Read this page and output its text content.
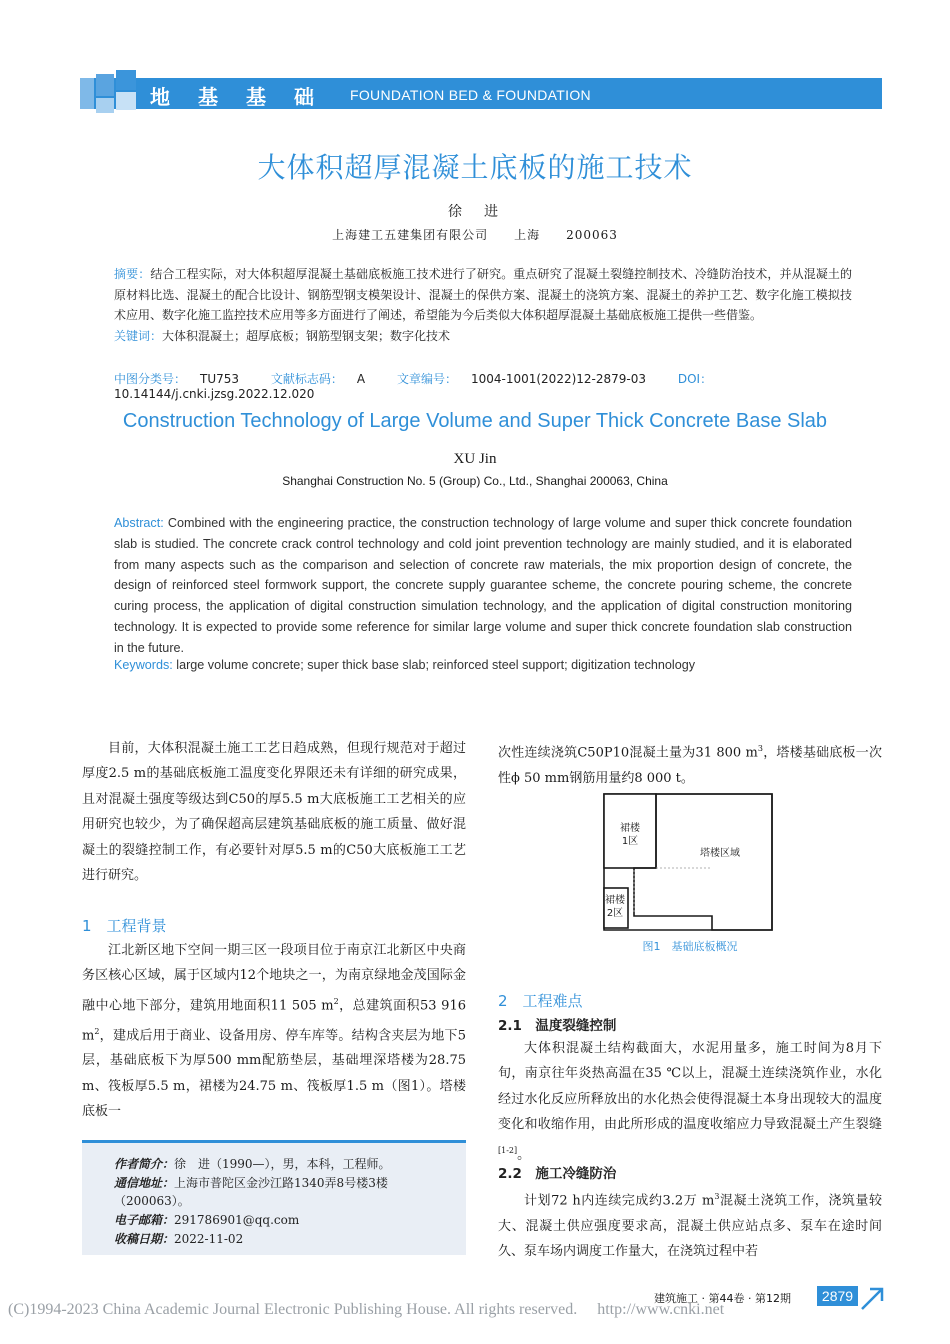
地基基础 FOUNDATION BED & FOUNDATION
大体积超厚混凝土底板的施工技术
徐　进
上海建工五建集团有限公司　　上海　　200063
摘要：结合工程实际，对大体积超厚混凝土基础底板施工技术进行了研究。重点研究了混凝土裂缝控制技术、冷缝防治技术，并从混凝土的原材料比选、混凝土的配合比设计、钢筋型钢支模架设计、混凝土的保供方案、混凝土的浇筑方案、混凝土的养护工艺、数字化施工模拟技术应用、数字化施工监控技术应用等多方面进行了阐述，希望能为今后类似大体积超厚混凝土基础底板施工提供一些借鉴。
关键词：大体积混凝土；超厚底板；钢筋型钢支架；数字化技术
中图分类号： TU753	文献标志码： A	文章编号： 1004-1001(2022)12-2879-03	DOI：10.14144/j.cnki.jzsg.2022.12.020
Construction Technology of Large Volume and Super Thick Concrete Base Slab
XU Jin
Shanghai Construction No. 5 (Group) Co., Ltd., Shanghai 200063, China
Abstract: Combined with the engineering practice, the construction technology of large volume and super thick concrete foundation slab is studied. The concrete crack control technology and cold joint prevention technology are mainly studied, and it is elaborated from many aspects such as the comparison and selection of concrete raw materials, the mix proportion design of concrete, the design of reinforced steel formwork support, the concrete supply guarantee scheme, the concrete pouring scheme, the concrete curing process, the application of digital construction simulation technology, and the application of digital construction monitoring technology. It is expected to provide some reference for similar large volume and super thick concrete foundation slab construction in the future.
Keywords: large volume concrete; super thick base slab; reinforced steel support; digitization technology

目前，大体积混凝土施工工艺日趋成熟，但现行规范对于超过厚度2.5 m的基础底板施工温度变化界限还未有详细的研究成果，且对混凝土强度等级达到C50的厚5.5 m大底板施工工艺相关的应用研究也较少，为了确保超高层建筑基础底板的施工质量、做好混凝土的裂缝控制工作，有必要针对厚5.5 m的C50大底板施工工艺进行研究。

1　工程背景

江北新区地下空间一期三区一段项目位于南京江北新区中央商务区核心区域，属于区域内12个地块之一，为南京绿地金茂国际金融中心地下部分，建筑用地面积11 505 $m^2$，总建筑面积53 916 $m^2$，建成后用于商业、设备用房、停车库等。结构含夹层为地下5层，基础底板下为厚500 mm配筋垫层，基础埋深塔楼为28.75 m、筏板厚5.5 m，裙楼为24.75 m、筏板厚1.5 m（图1）。塔楼底板一

作者简介：徐　进（1990—），男，本科，工程师。
通信地址：上海市普陀区金沙江路1340弄8号楼3楼
（200063）。
电子邮箱：291786901@qq.com
收稿日期：2022-11-02

次性连续浇筑C50P10混凝土量为31 800 $m^3$，塔楼基础底板一次性ϕ 50 mm钢筋用量约8 000 t。

裙楼
1区
塔楼区域
裙楼
2区
图1　基础底板概况
2　工程难点
2.1　温度裂缝控制

大体积混凝土结构截面大，水泥用量多，施工时间为8月下旬，南京往年炎热高温在35 ℃以上，混凝土连续浇筑作业，水化经过水化反应所释放出的水化热会使得混凝土本身出现较大的温度变化和收缩作用，由此所形成的温度收缩应力导致混凝土产生裂缝[1-2]。

2.2　施工冷缝防治

计划72 h内连续完成约3.2万 $m^3$混凝土浇筑工作，浇筑量较大、混凝土供应强度要求高，混凝土供应站点多、泵车在途时间久、泵车场内调度工作量大，在浇筑过程中若

(C)1994-2023 China Academic Journal Electronic Publishing House. All rights reserved.　 http://www.cnki.net
建筑施工 · 第44卷 · 第12期	2879
